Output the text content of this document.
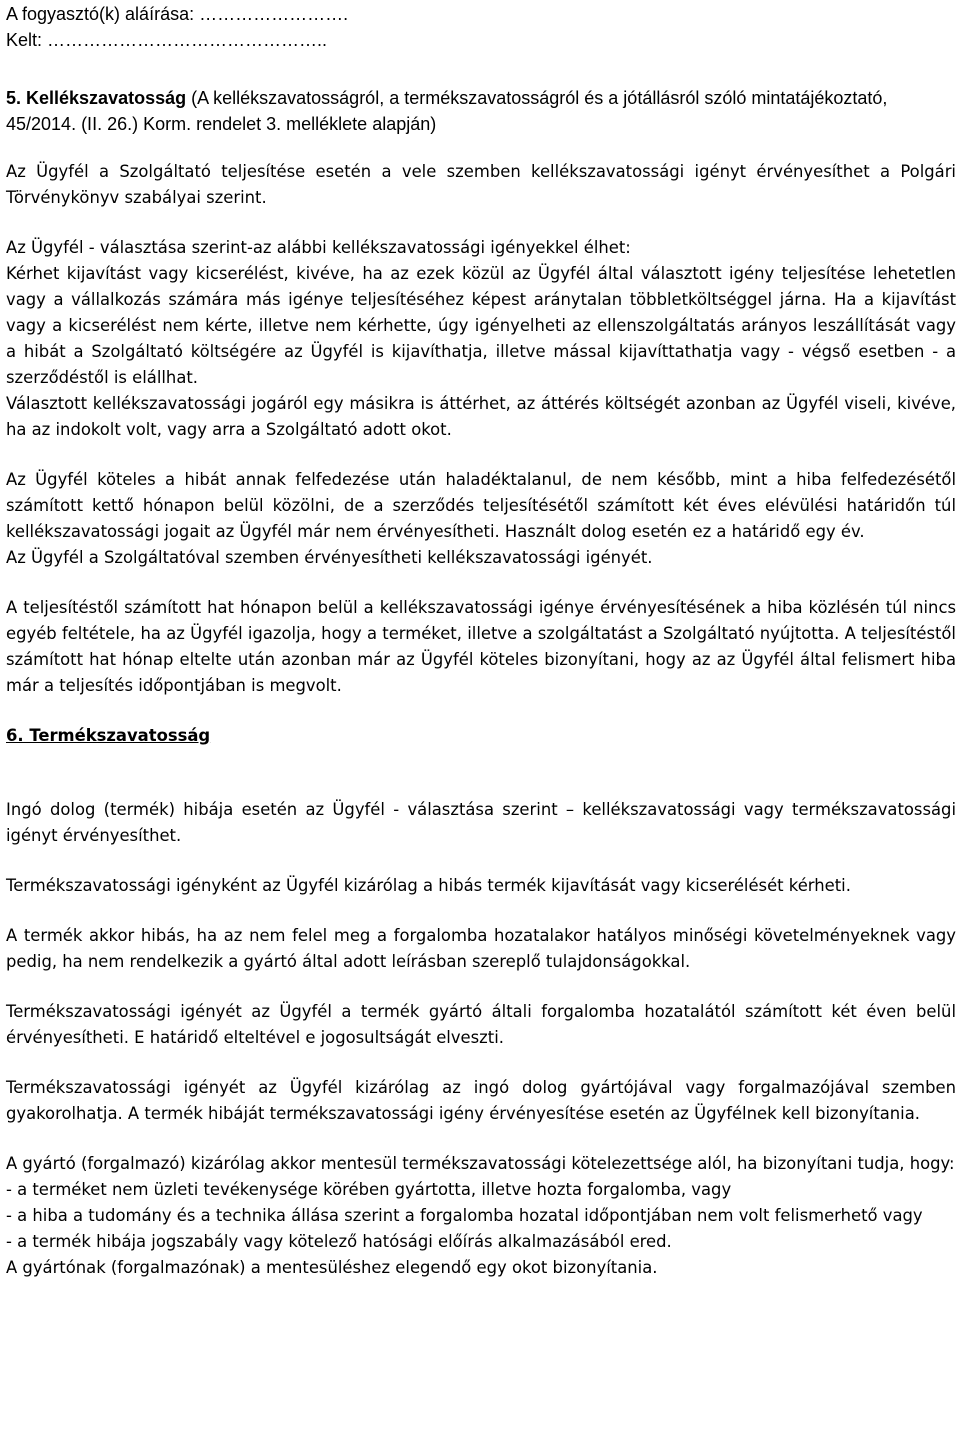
A fogyasztó(k) aláírása: …………………….

Kelt: ………………………………………..

5. Kellékszavatosság (A kellékszavatosságról, a termékszavatosságról és a jótállásról szóló mintatájékoztató, 45/2014. (II. 26.) Korm. rendelet 3. melléklete alapján)

Az Ügyfél a Szolgáltató teljesítése esetén a vele szemben kellékszavatossági igényt érvényesíthet a Polgári Törvénykönyv szabályai szerint.

Az Ügyfél - választása szerint-az alábbi kellékszavatossági igényekkel élhet:

Kérhet kijavítást vagy kicserélést, kivéve, ha az ezek közül az Ügyfél által választott igény teljesítése lehetetlen vagy a vállalkozás számára más igénye teljesítéséhez képest aránytalan többletköltséggel járna. Ha a kijavítást vagy a kicserélést nem kérte, illetve nem kérhette, úgy igényelheti az ellenszolgáltatás arányos leszállítását vagy a hibát a Szolgáltató költségére az Ügyfél is kijavíthatja, illetve mással kijavíttathatja vagy - végső esetben - a szerződéstől is elállhat.

Választott kellékszavatossági jogáról egy másikra is áttérhet, az áttérés költségét azonban az Ügyfél viseli, kivéve, ha az indokolt volt, vagy arra a Szolgáltató adott okot.

Az Ügyfél köteles a hibát annak felfedezése után haladéktalanul, de nem később, mint a hiba felfedezésétől számított kettő hónapon belül közölni, de a szerződés teljesítésétől számított két éves elévülési határidőn túl kellékszavatossági jogait az Ügyfél már nem érvényesítheti. Használt dolog esetén ez a határidő egy év.

Az Ügyfél a Szolgáltatóval szemben érvényesítheti kellékszavatossági igényét.

A teljesítéstől számított hat hónapon belül a kellékszavatossági igénye érvényesítésének a hiba közlésén túl nincs egyéb feltétele, ha az Ügyfél igazolja, hogy a terméket, illetve a szolgáltatást a Szolgáltató nyújtotta. A teljesítéstől számított hat hónap eltelte után azonban már az Ügyfél köteles bizonyítani, hogy az az Ügyfél által felismert hiba már a teljesítés időpontjában is megvolt.

6. Termékszavatosság

Ingó dolog (termék) hibája esetén az Ügyfél - választása szerint – kellékszavatossági vagy termékszavatossági igényt érvényesíthet.

Termékszavatossági igényként az Ügyfél kizárólag a hibás termék kijavítását vagy kicserélését kérheti.

A termék akkor hibás, ha az nem felel meg a forgalomba hozatalakor hatályos minőségi követelményeknek vagy pedig, ha nem rendelkezik a gyártó által adott leírásban szereplő tulajdonságokkal.

Termékszavatossági igényét az Ügyfél a termék gyártó általi forgalomba hozatalától számított két éven belül érvényesítheti. E határidő elteltével e jogosultságát elveszti.

Termékszavatossági igényét az Ügyfél kizárólag az ingó dolog gyártójával vagy forgalmazójával szemben gyakorolhatja. A termék hibáját termékszavatossági igény érvényesítése esetén az Ügyfélnek kell bizonyítania.

A gyártó (forgalmazó) kizárólag akkor mentesül termékszavatossági kötelezettsége alól, ha bizonyítani tudja, hogy:

- a terméket nem üzleti tevékenysége körében gyártotta, illetve hozta forgalomba, vagy

- a hiba a tudomány és a technika állása szerint a forgalomba hozatal időpontjában nem volt felismerhető vagy

- a termék hibája jogszabály vagy kötelező hatósági előírás alkalmazásából ered.

A gyártónak (forgalmazónak) a mentesüléshez elegendő egy okot bizonyítania.
